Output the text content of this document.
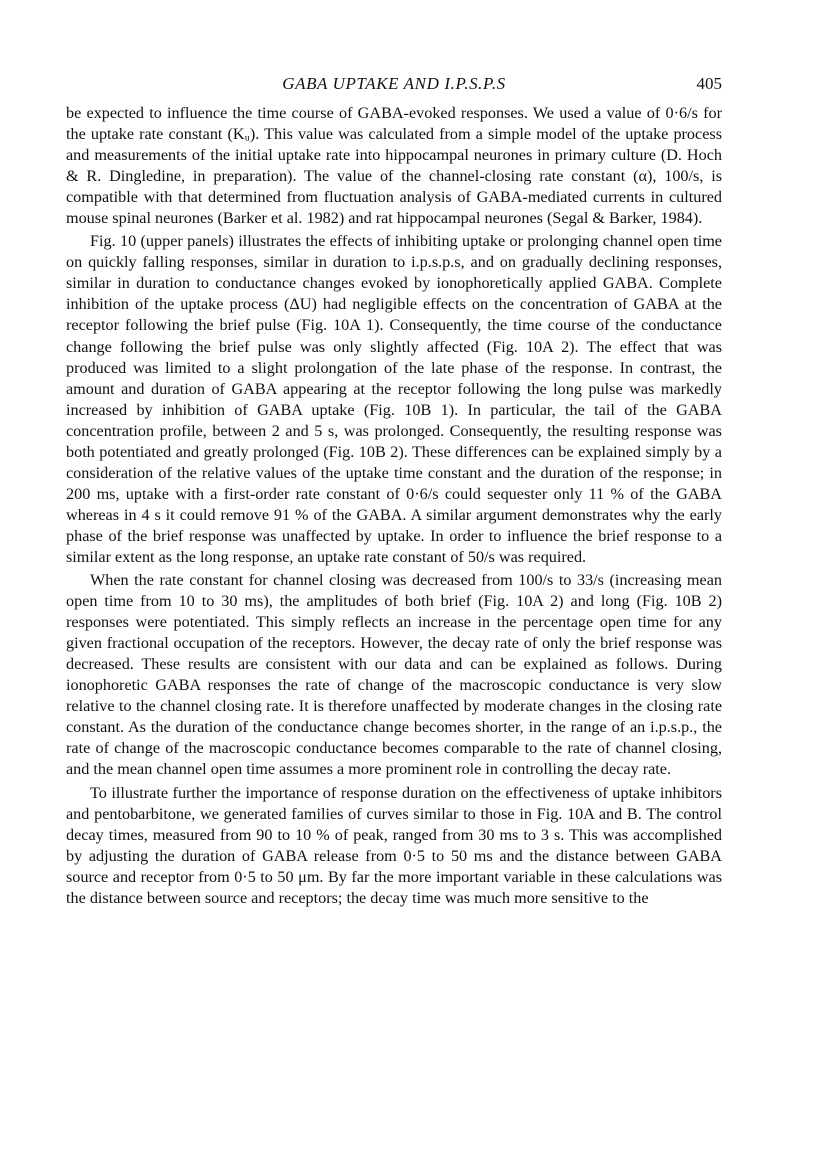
GABA UPTAKE AND I.P.S.P.S	405

be expected to influence the time course of GABA-evoked responses. We used a value of 0·6/s for the uptake rate constant (Kᵤ). This value was calculated from a simple model of the uptake process and measurements of the initial uptake rate into hippocampal neurones in primary culture (D. Hoch & R. Dingledine, in preparation). The value of the channel-closing rate constant (α), 100/s, is compatible with that determined from fluctuation analysis of GABA-mediated currents in cultured mouse spinal neurones (Barker et al. 1982) and rat hippocampal neurones (Segal & Barker, 1984).

Fig. 10 (upper panels) illustrates the effects of inhibiting uptake or prolonging channel open time on quickly falling responses, similar in duration to i.p.s.p.s, and on gradually declining responses, similar in duration to conductance changes evoked by ionophoretically applied GABA. Complete inhibition of the uptake process (ΔU) had negligible effects on the concentration of GABA at the receptor following the brief pulse (Fig. 10A 1). Consequently, the time course of the conductance change following the brief pulse was only slightly affected (Fig. 10A 2). The effect that was produced was limited to a slight prolongation of the late phase of the response. In contrast, the amount and duration of GABA appearing at the receptor following the long pulse was markedly increased by inhibition of GABA uptake (Fig. 10B 1). In particular, the tail of the GABA concentration profile, between 2 and 5 s, was prolonged. Consequently, the resulting response was both potentiated and greatly prolonged (Fig. 10B 2). These differences can be explained simply by a consideration of the relative values of the uptake time constant and the duration of the response; in 200 ms, uptake with a first-order rate constant of 0·6/s could sequester only 11 % of the GABA whereas in 4 s it could remove 91 % of the GABA. A similar argument demonstrates why the early phase of the brief response was unaffected by uptake. In order to influence the brief response to a similar extent as the long response, an uptake rate constant of 50/s was required.

When the rate constant for channel closing was decreased from 100/s to 33/s (increasing mean open time from 10 to 30 ms), the amplitudes of both brief (Fig. 10A 2) and long (Fig. 10B 2) responses were potentiated. This simply reflects an increase in the percentage open time for any given fractional occupation of the receptors. However, the decay rate of only the brief response was decreased. These results are consistent with our data and can be explained as follows. During ionophoretic GABA responses the rate of change of the macroscopic conductance is very slow relative to the channel closing rate. It is therefore unaffected by moderate changes in the closing rate constant. As the duration of the conductance change becomes shorter, in the range of an i.p.s.p., the rate of change of the macroscopic conductance becomes comparable to the rate of channel closing, and the mean channel open time assumes a more prominent role in controlling the decay rate.

To illustrate further the importance of response duration on the effectiveness of uptake inhibitors and pentobarbitone, we generated families of curves similar to those in Fig. 10A and B. The control decay times, measured from 90 to 10 % of peak, ranged from 30 ms to 3 s. This was accomplished by adjusting the duration of GABA release from 0·5 to 50 ms and the distance between GABA source and receptor from 0·5 to 50 μm. By far the more important variable in these calculations was the distance between source and receptors; the decay time was much more sensitive to the
